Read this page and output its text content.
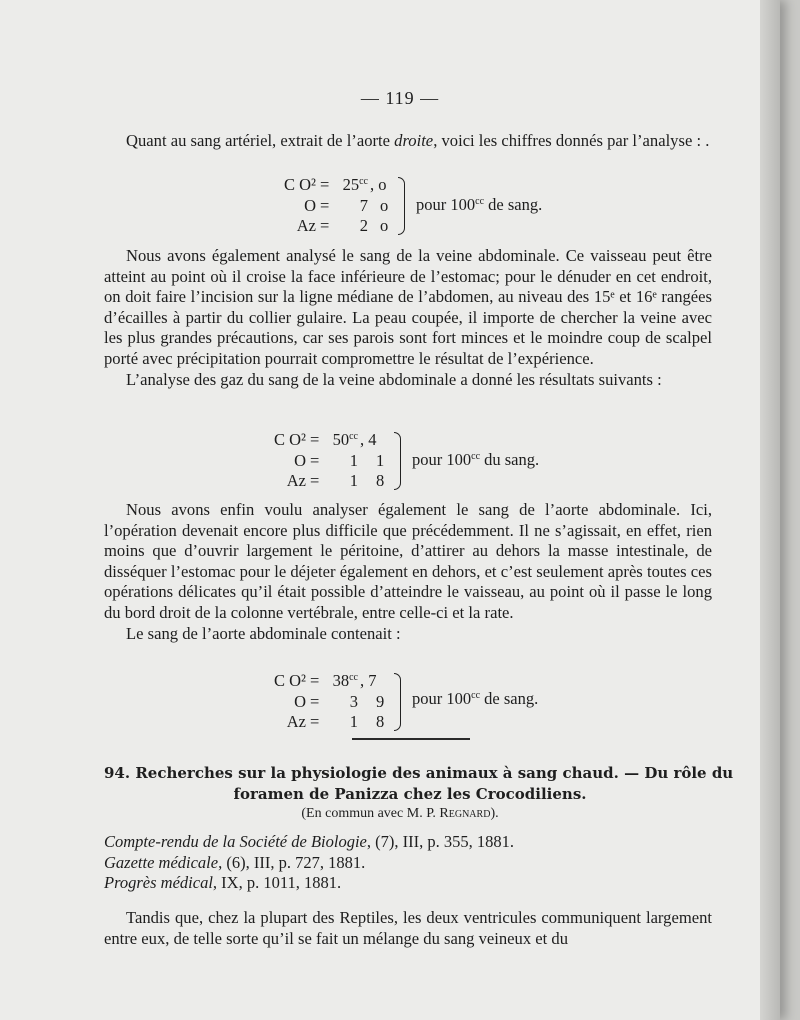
— 119 —

Quant au sang artériel, extrait de l’aorte droite, voici les chiffres donnés par l’analyse : .

C $O^2 = 25^{cc}$ , o
O =	7 o
Az =	2 o
pour $100^{cc}$ de sang.

Nous avons également analysé le sang de la veine abdominale. Ce vaisseau peut être atteint au point où il croise la face inférieure de l’estomac; pour le dénuder en cet endroit, on doit faire l’incision sur la ligne médiane de l’abdomen, au niveau des 15ᵉ et 16ᵉ rangées d’écailles à partir du collier gulaire. La peau coupée, il importe de chercher la veine avec les plus grandes précautions, car ses parois sont fort minces et le moindre coup de scalpel porté avec précipitation pourrait compromettre le résultat de l’expérience.

L’analyse des gaz du sang de la veine abdominale a donné les résultats suivants :

C $O^2 = 50^{cc}$ , 4
O =	1 1
Az =	1 8
pour $100^{cc}$ du sang.

Nous avons enfin voulu analyser également le sang de l’aorte abdominale. Ici, l’opération devenait encore plus difficile que précédemment. Il ne s’agissait, en effet, rien moins que d’ouvrir largement le péritoine, d’attirer au dehors la masse intestinale, de disséquer l’estomac pour le déjeter également en dehors, et c’est seulement après toutes ces opérations délicates qu’il était possible d’atteindre le vaisseau, au point où il passe le long du bord droit de la colonne vertébrale, entre celle-ci et la rate.

Le sang de l’aorte abdominale contenait :

C $O^2 = 38^{cc}$ , 7
O =	3 9
Az =	1 8
pour $100^{cc}$ de sang.
94. Recherches sur la physiologie des animaux à sang chaud. — Du rôle du
foramen de Panizza chez les Crocodiliens.
(En commun avec M. P. Regnard).
Compte-rendu de la Société de Biologie, (7), III, p. 355, 1881.
Gazette médicale, (6), III, p. 727, 1881.
Progrès médical, IX, p. 1011, 1881.

Tandis que, chez la plupart des Reptiles, les deux ventricules communiquent largement entre eux, de telle sorte qu’il se fait un mélange du sang veineux et du
